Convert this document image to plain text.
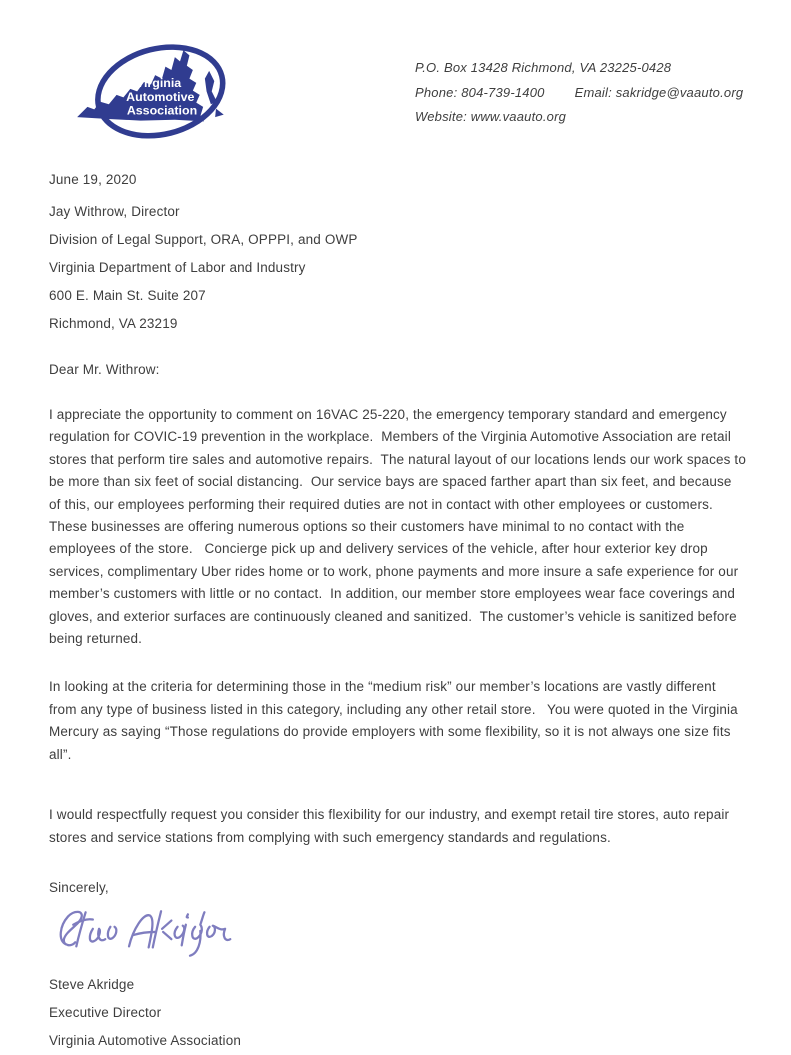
Virginia
Automotive
Association
P.O. Box 13428 Richmond, VA 23225-0428
Phone: 804-739-1400 Email: sakridge@vaauto.org
Website: www.vaauto.org
June 19, 2020
Jay Withrow, Director
Division of Legal Support, ORA, OPPPI, and OWP
Virginia Department of Labor and Industry
600 E. Main St. Suite 207
Richmond, VA 23219
Dear Mr. Withrow:

I appreciate the opportunity to comment on 16VAC 25-220, the emergency temporary standard and emergency regulation for COVIC-19 prevention in the workplace.  Members of the Virginia Automotive Association are retail stores that perform tire sales and automotive repairs.  The natural layout of our locations lends our work spaces to be more than six feet of social distancing.  Our service bays are spaced farther apart than six feet, and because of this, our employees performing their required duties are not in contact with other employees or customers.  These businesses are offering numerous options so their customers have minimal to no contact with the employees of the store.   Concierge pick up and delivery services of the vehicle, after hour exterior key drop services, complimentary Uber rides home or to work, phone payments and more insure a safe experience for our member’s customers with little or no contact.  In addition, our member store employees wear face coverings and gloves, and exterior surfaces are continuously cleaned and sanitized.  The customer’s vehicle is sanitized before being returned.

In looking at the criteria for determining those in the “medium risk” our member’s locations are vastly different from any type of business listed in this category, including any other retail store.   You were quoted in the Virginia Mercury as saying “Those regulations do provide employers with some flexibility, so it is not always one size fits all”.

I would respectfully request you consider this flexibility for our industry, and exempt retail tire stores, auto repair stores and service stations from complying with such emergency standards and regulations.

Sincerely,
Steve Akridge
Executive Director
Virginia Automotive Association
